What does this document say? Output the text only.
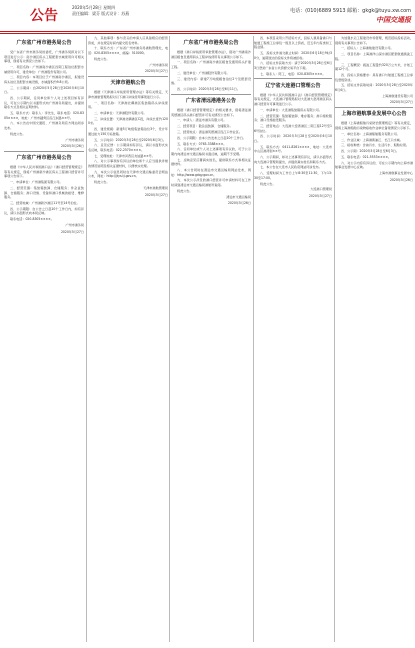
6 公告
2020年5月28日 星期四
责任编辑：梁芬 版式设计：苏燕	电话：(010)6889 5913 邮箱：gkgk@tuyu.xw.com
中国交通报
广东省广州市港务局公告
受广东省广州市港务局的委托，广州港务局拟对以下项目进行公示：南沙港区码头工程配套水域使用许可相关事项，现将有关情况公告如下。
一、项目名称：广州港南沙港区四期工程泊位配套水域使用许可，建设单位：广州港股份有限公司。
二、项目内容：本项目位于广州港南沙港区，拟建设码头泊位及配套水域设施，水域面积约9.8公顷。
三、公示期间：自2020年5月28日至2020年6月10日。
四、公示期间，任何单位和个人对上述项目如有异议，可在公示期内以书面形式向广州港务局提出，并提供联系方式及相关证明材料。
五、联系方式：联系人：李先生，联系电话：020-8305××××，地址：广州市越秀区沿江东路××号。
六、本公告在中国交通报、广州港务局官方网站同步发布。
特此公告。
广州市港务局
2020年5月26日
广东省广州市港务局公告
根据《中华人民共和国港口法》《港口经营管理规定》等有关规定，现将广州港新沙港区码头工程港口经营许可事项公告如下。
一、申请单位：广州港集团有限公司。
二、经营范围：集装箱装卸、仓储服务；件杂货装卸、仓储服务；港口设施、设备和港口机械的租赁、维修服务。
三、经营地域：广州港新沙港区11号至14号泊位。
四、公示期限：自公告之日起10个工作日内，如有异议，请以书面形式向本局反映。
联系电话：020-8305××××。
广州市港务局
2020年5月27日
九、其他事项：参与竞买的申请人应具备相应的经营资质，并在规定时间内提交报名材料。
十、联系方式：广东省广州市港务局港航管理处，电话：020-8305××××，邮编：510000。
特此公告。
广州市港务局
2020年5月27日
天津市港航公告
根据《天津港口岸线使用管理办法》等有关规定，天津市港航管理局拟对以下港口岸线使用事项进行公示。
一、项目名称：天津港北疆港区集装箱码头岸线使用。
二、申请单位：天津港股份有限公司。
三、岸线位置：天津港北疆港区C段，岸线长度约1200米。
四、建设规模：新建5万吨级集装箱泊位3个，设计年通过能力150万标准箱。
五、公示时间：2020年5月28日至2020年6月3日。
六、意见反馈：公示期间如有异议，请以书面形式实名反映，联系电话：022-2570××××。
七、受理地址：天津市河西区友谊路××号。
八、对公示事项持有异议的单位和个人应当提供详细的情况说明及相关证据材料，以便核实处理。
九、本次公示信息同时在天津市交通运输委员会网站公布，网址：http://jtys.tj.gov.cn。
特此公告。
天津市港航管理局
2020年5月27日
广东省广州市港务局公告
根据《港口岸线使用审批管理办法》，现对广州港南沙港区粮食及通用码头工程岸线使用有关事项公示如下。
一、项目名称：广州港南沙港区粮食及通用码头扩建工程。
二、建设单位：广州港股份有限公司。
三、建设内容：新建7万吨级粮食泊位2个及配套设施。
四、公示时间：2020年5月28日至6月11日。
广东省清远港港务公告
根据《港口经营管理规定》的相关要求，现将清远港英德港区码头港口经营许可有关情况公告如下。
一、申请人：清远市港务有限公司。
二、经营项目：散杂货装卸、仓储服务。
三、经营地点：清远港英德港区连江口作业区。
四、公示期限：自本公告发布之日起10个工作日。
五、联系方式：0763-3388×××。
六、任何单位或个人对上述事项有异议的，可于公示期内向清远市交通运输局书面反映，逾期不予受理。
七、反映意见应署真实姓名，提供联系方式和相关证据材料。
八、本公告同时在清远市交通运输局网站发布，网址：http://www.gdqy.gov.cn。
九、本次公示涉及的港口经营许可申请材料可在工作时间到清远市交通运输局港航科查阅。
特此公告。
清远市交通运输局
2020年5月26日
四、本项目采用公开招标方式，投标人须具备港口与航道工程施工总承包一级及以上资质，近五年内有类似工程业绩。
五、投标文件递交截止时间：2020年6月18日9时30分，逾期送达的投标文件将被拒收。
六、招标文件获取方式：请于2020年5月28日至6月3日登录广东省公共资源交易平台下载。
七、联系人：陈工，电话：020-8305××××。
辽宁省大连港口管理公告
根据《中华人民共和国港口法》《港口经营管理规定》等有关规定，大连港口管理局拟对大连港大窑湾港区码头港口经营许可事项进行公示。
一、申请单位：大连港集装箱码头有限公司。
二、经营范围：集装箱装卸、堆存服务；港口拖轮服务；港口设施租赁服务。
三、经营地点：大连港大窑湾港区二期工程12号至16号泊位。
四、公示时间：2020年5月28日至2020年6月10日。
五、联系方式：0411-8261××××，地址：大连市中山区港湾街××号。
六、公示期间，如对上述事项有异议，请以书面形式向大连港口管理局提出，并提供真实姓名和联系方式。
七、本公告在大连市人民政府网站同步发布。
八、受理时间为工作日上午8:30至11:30，下午13:30至17:00。
特此公告。
大连港口管理局
2020年5月27日
为加强水运工程建设市场管理，规范招标投标活动，现将有关事项公告如下。
一、招标人：上海港航建设有限公司。
二、项目名称：上海港洋山深水港区配套航道疏浚工程。
三、工程概况：疏浚工程量约320万立方米，计划工期12个月。
四、投标人资格要求：具有港口与航道工程施工总承包壹级资质。
五、招标文件获取时间：2020年5月28日至2020年6月4日。
上海港航建设有限公司
2020年5月27日
上海市港航事业发展中心公告
根据《上海港船舶污染防治管理规定》等有关规定，现将上海港船舶污染物接收作业单位备案情况公示如下。
一、单位名称：上海港船舶服务有限公司。
二、作业区域：上海港黄浦江、长江口水域。
三、接收种类：含油污水、生活污水、船舶垃圾。
四、公示期：2020年5月28日至6月3日。
五、联系电话：021-5553××××。
六、对公示内容有异议的，可在公示期内向上海市港航事业发展中心反映。
上海市港航事业发展中心
2020年5月26日
